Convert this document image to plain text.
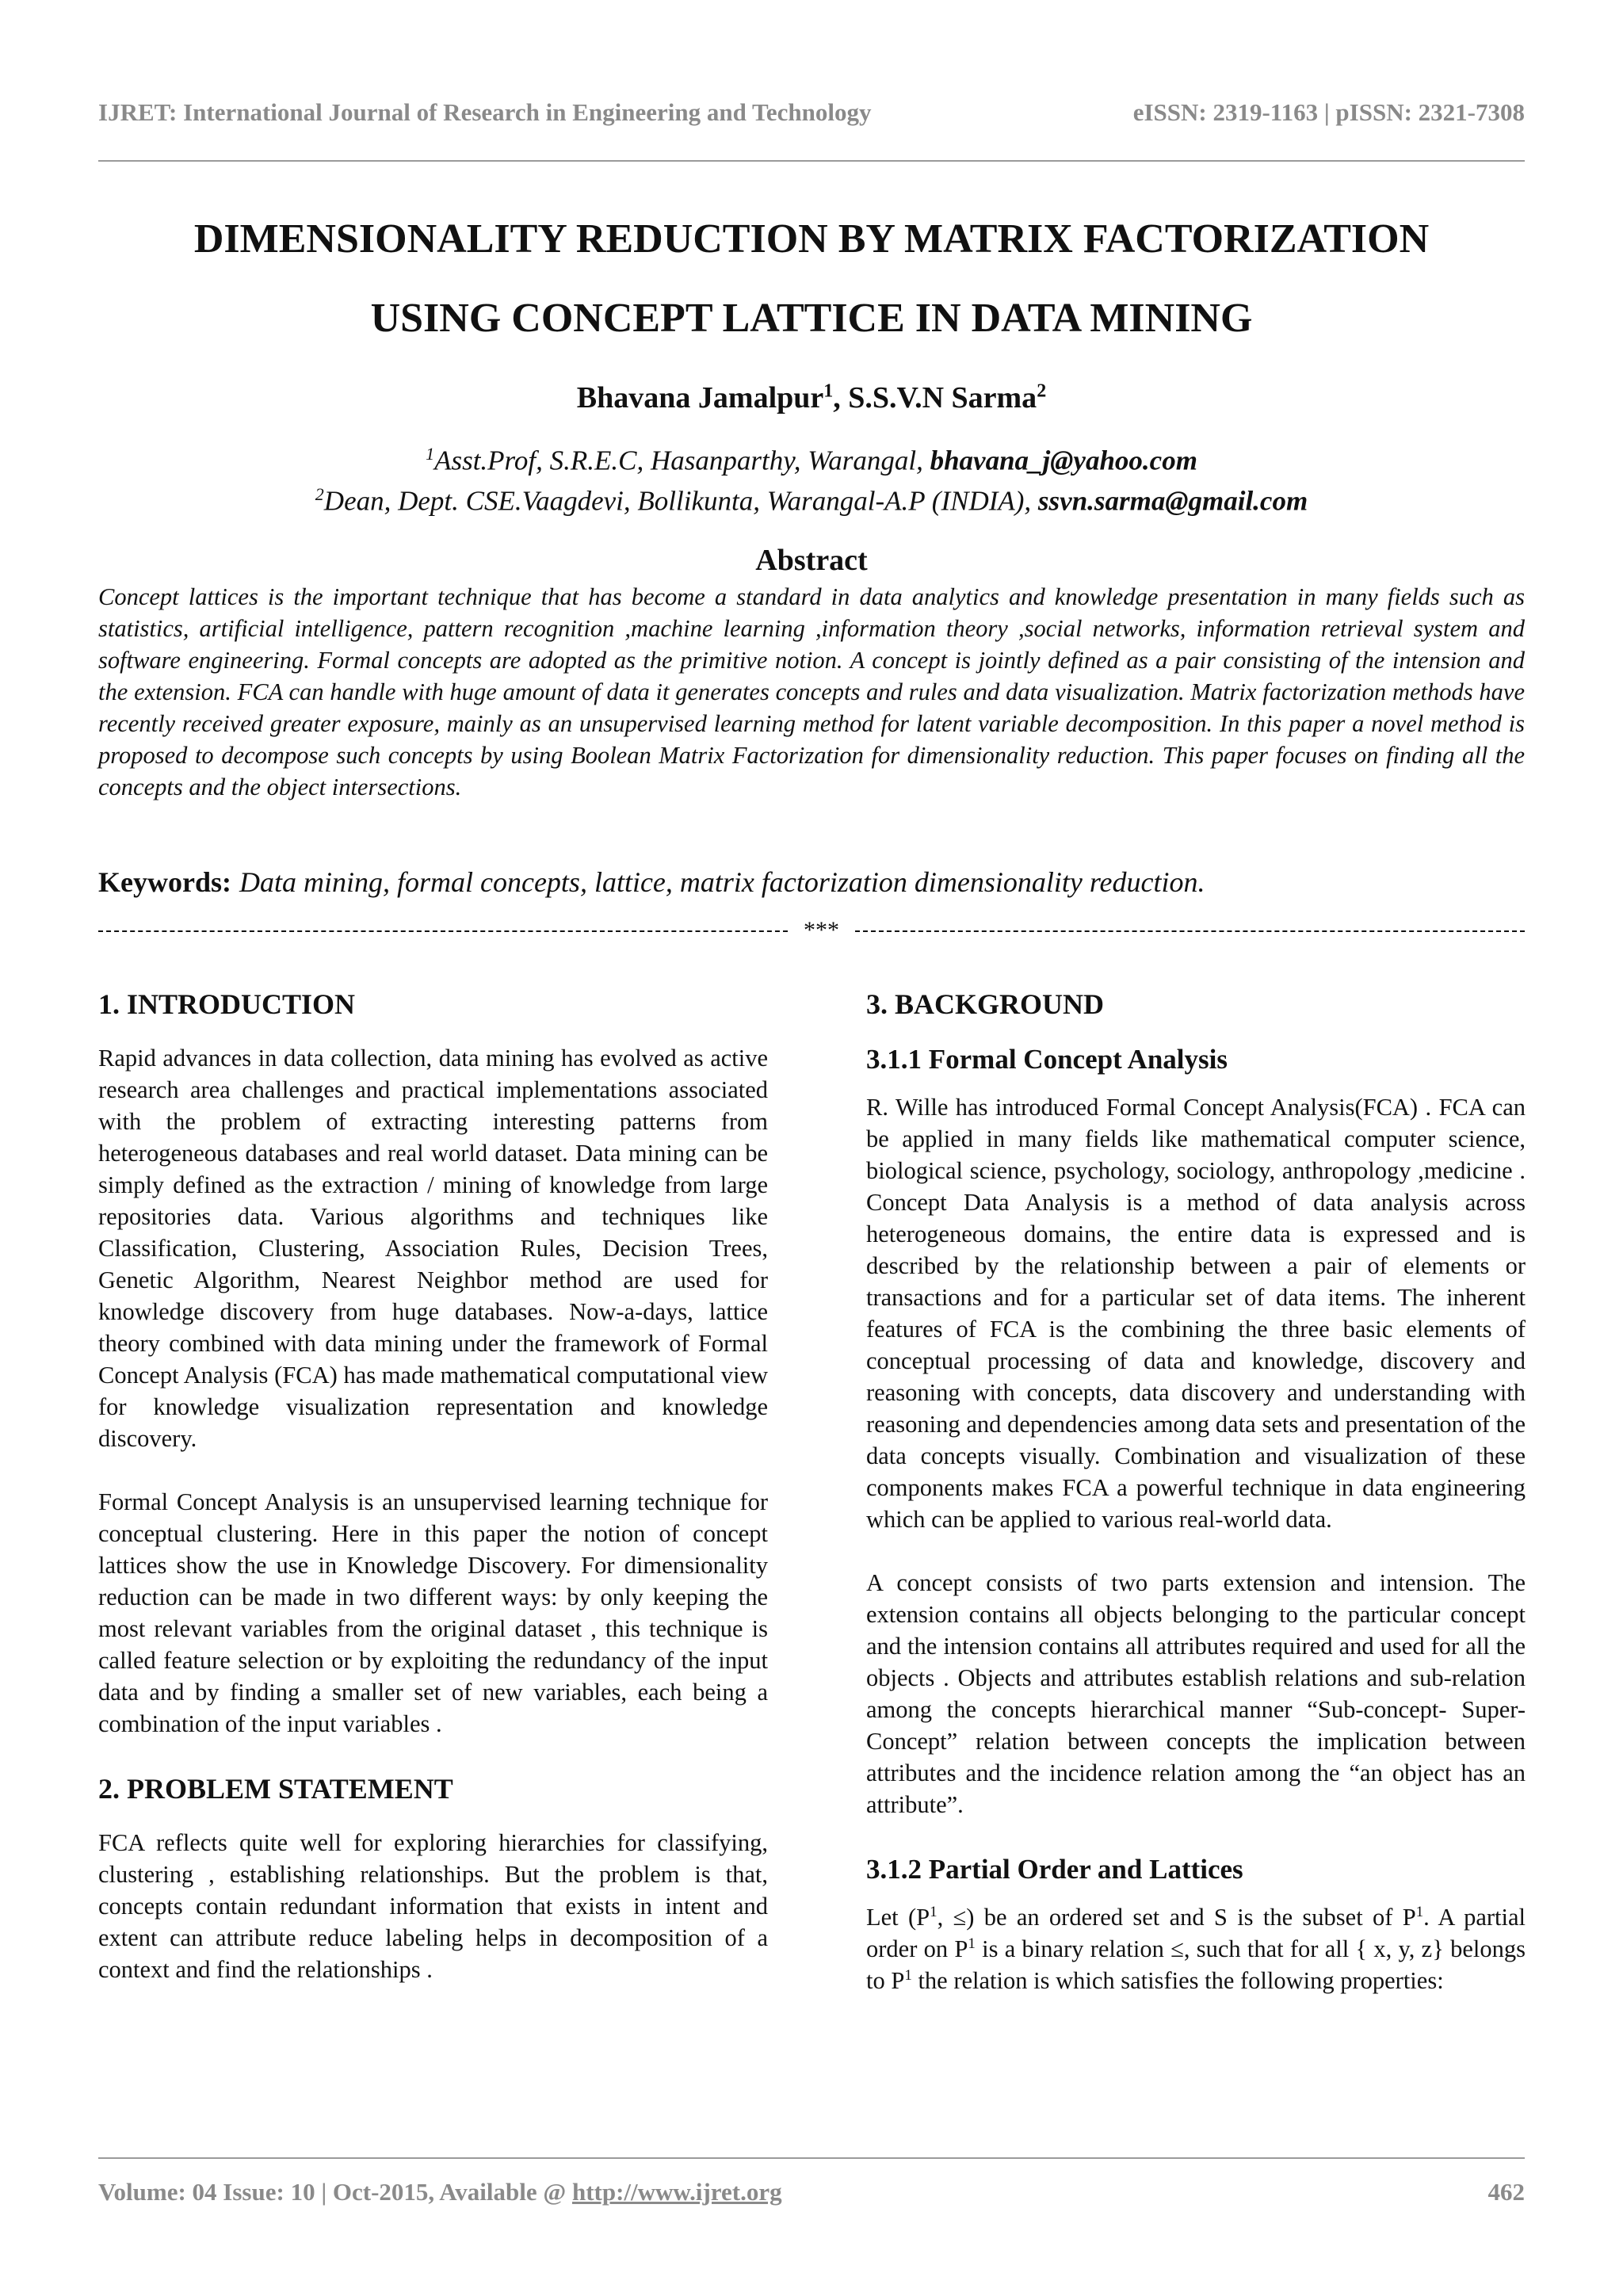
IJRET: International Journal of Research in Engineering and Technology	eISSN: 2319-1163 | pISSN: 2321-7308
DIMENSIONALITY REDUCTION BY MATRIX FACTORIZATION
USING CONCEPT LATTICE IN DATA MINING
Bhavana Jamalpur$^1$, S.S.V.N Sarma$^2$
$^1$Asst.Prof, S.R.E.C, Hasanparthy, Warangal, bhavana_j@yahoo.com
$^2$Dean, Dept. CSE.Vaagdevi, Bollikunta, Warangal-A.P (INDIA), ssvn.sarma@gmail.com
Abstract
Concept lattices is the important technique that has become a standard in data analytics and knowledge presentation in many fields such as statistics, artificial intelligence, pattern recognition ,machine learning ,information theory ,social networks, information retrieval system and software engineering. Formal concepts are adopted as the primitive notion. A concept is jointly defined as a pair consisting of the intension and the extension. FCA can handle with huge amount of data it generates concepts and rules and data visualization. Matrix factorization methods have recently received greater exposure, mainly as an unsupervised learning method for latent variable decomposition. In this paper a novel method is proposed to decompose such concepts by using Boolean Matrix Factorization for dimensionality reduction. This paper focuses on finding all the concepts and the object intersections.
Keywords: Data mining, formal concepts, lattice, matrix factorization dimensionality reduction.
***
1. INTRODUCTION

Rapid advances in data collection, data mining has evolved as active research area challenges and practical implementations associated with the problem of extracting interesting patterns from heterogeneous databases and real world dataset. Data mining can be simply defined as the extraction / mining of knowledge from large repositories data. Various algorithms and techniques like Classification, Clustering, Association Rules, Decision Trees, Genetic Algorithm, Nearest Neighbor method are used for knowledge discovery from huge databases. Now-a-days, lattice theory combined with data mining under the framework of Formal Concept Analysis (FCA) has made mathematical computational view for knowledge visualization representation and knowledge discovery.

Formal Concept Analysis is an unsupervised learning technique for conceptual clustering. Here in this paper the notion of concept lattices show the use in Knowledge Discovery. For dimensionality reduction can be made in two different ways: by only keeping the most relevant variables from the original dataset , this technique is called feature selection or by exploiting the redundancy of the input data and by finding a smaller set of new variables, each being a combination of the input variables .

2. PROBLEM STATEMENT

FCA reflects quite well for exploring hierarchies for classifying, clustering , establishing relationships. But the problem is that, concepts contain redundant information that exists in intent and extent can attribute reduce labeling helps in decomposition of a context and find the relationships .

3. BACKGROUND
3.1.1 Formal Concept Analysis

R. Wille has introduced Formal Concept Analysis(FCA) . FCA can be applied in many fields like mathematical computer science, biological science, psychology, sociology, anthropology ,medicine . Concept Data Analysis is a method of data analysis across heterogeneous domains, the entire data is expressed and is described by the relationship between a pair of elements or transactions and for a particular set of data items. The inherent features of FCA is the combining the three basic elements of conceptual processing of data and knowledge, discovery and reasoning with concepts, data discovery and understanding with reasoning and dependencies among data sets and presentation of the data concepts visually. Combination and visualization of these components makes FCA a powerful technique in data engineering which can be applied to various real-world data.

A concept consists of two parts extension and intension. The extension contains all objects belonging to the particular concept and the intension contains all attributes required and used for all the objects . Objects and attributes establish relations and sub-relation among the concepts hierarchical manner “Sub-concept- Super-Concept” relation between concepts the implication between attributes and the incidence relation among the “an object has an attribute”.

3.1.2 Partial Order and Lattices

Let ($P^1$, ≤) be an ordered set and S is the subset of $P^1$. A partial order on $P^1$ is a binary relation ≤, such that for all { x, y, z} belongs to $P^1$ the relation is which satisfies the following properties:

Volume: 04 Issue: 10 | Oct-2015, Available @ http://www.ijret.org	462
